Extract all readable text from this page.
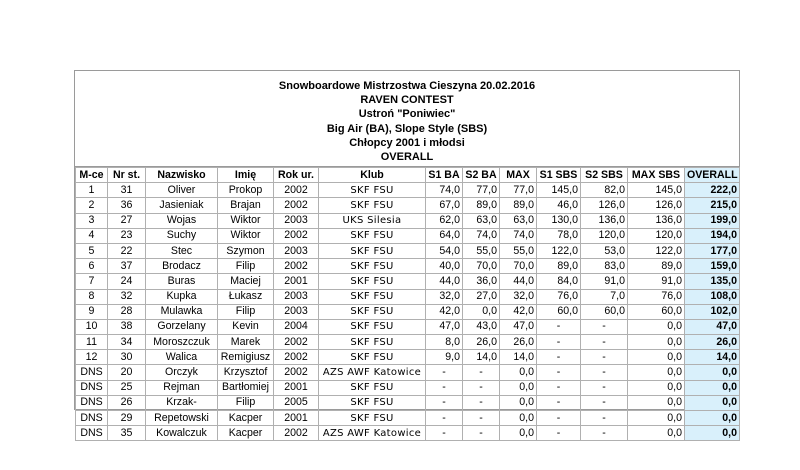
Snowboardowe Mistrzostwa Cieszyna 20.02.2016
RAVEN CONTEST
Ustroń "Poniwiec"
Big Air (BA), Slope Style (SBS)
Chłopcy 2001 i młodsi
OVERALL
M-ce	Nr st.	Nazwisko	Imię	Rok ur.	Klub	S1 BA	S2 BA	MAX	S1 SBS	S2 SBS	MAX SBS	OVERALL
1	31	Oliver	Prokop	2002	SKF FSU	74,0	77,0	77,0	145,0	82,0	145,0	222,0
2	36	Jasieniak	Brajan	2002	SKF FSU	67,0	89,0	89,0	46,0	126,0	126,0	215,0
3	27	Wojas	Wiktor	2003	UKS Silesia	62,0	63,0	63,0	130,0	136,0	136,0	199,0
4	23	Suchy	Wiktor	2002	SKF FSU	64,0	74,0	74,0	78,0	120,0	120,0	194,0
5	22	Stec	Szymon	2003	SKF FSU	54,0	55,0	55,0	122,0	53,0	122,0	177,0
6	37	Brodacz	Filip	2002	SKF FSU	40,0	70,0	70,0	89,0	83,0	89,0	159,0
7	24	Buras	Maciej	2001	SKF FSU	44,0	36,0	44,0	84,0	91,0	91,0	135,0
8	32	Kupka	Łukasz	2003	SKF FSU	32,0	27,0	32,0	76,0	7,0	76,0	108,0
9	28	Mulawka	Filip	2003	SKF FSU	42,0	0,0	42,0	60,0	60,0	60,0	102,0
10	38	Gorzelany	Kevin	2004	SKF FSU	47,0	43,0	47,0	-	-	0,0	47,0
11	34	Moroszczuk	Marek	2002	SKF FSU	8,0	26,0	26,0	-	-	0,0	26,0
12	30	Walica	Remigiusz	2002	SKF FSU	9,0	14,0	14,0	-	-	0,0	14,0
DNS	20	Orczyk	Krzysztof	2002	AZS AWF Katowice	-	-	0,0	-	-	0,0	0,0
DNS	25	Rejman	Bartłomiej	2001	SKF FSU	-	-	0,0	-	-	0,0	0,0
DNS	26	Krzak-	Filip	2005	SKF FSU	-	-	0,0	-	-	0,0	0,0
DNS	29	Repetowski	Kacper	2001	SKF FSU	-	-	0,0	-	-	0,0	0,0
DNS	35	Kowalczuk	Kacper	2002	AZS AWF Katowice	-	-	0,0	-	-	0,0	0,0
